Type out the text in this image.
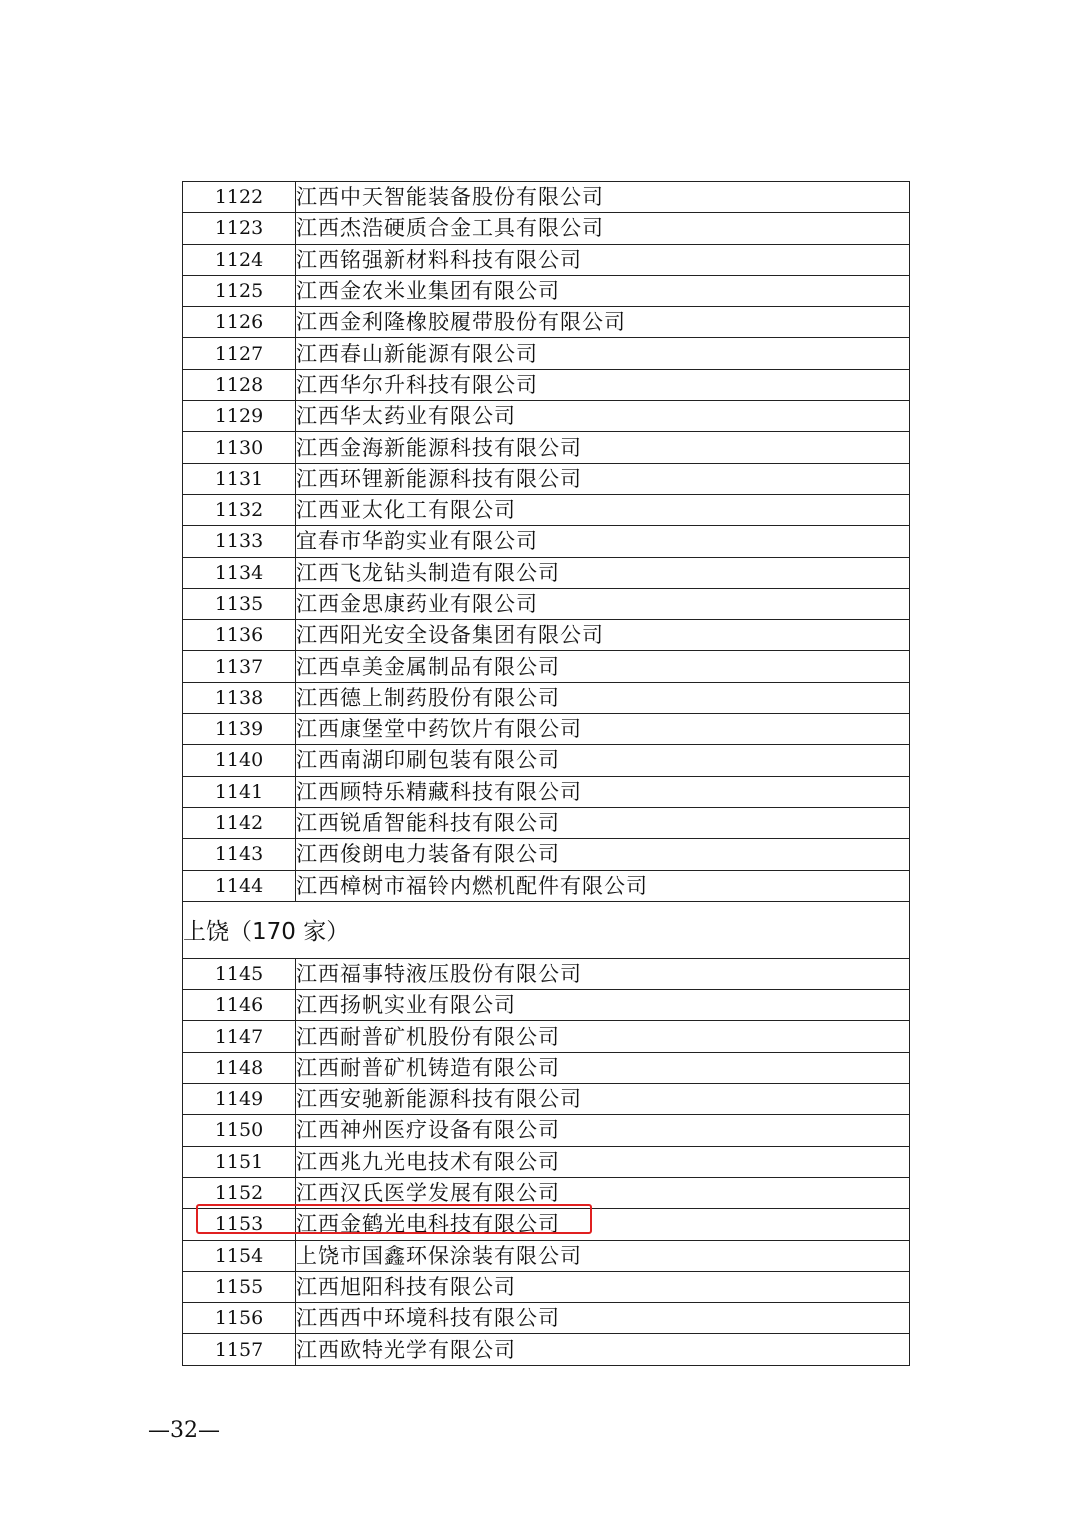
1122	江西中天智能装备股份有限公司
1123	江西杰浩硬质合金工具有限公司
1124	江西铭强新材料科技有限公司
1125	江西金农米业集团有限公司
1126	江西金利隆橡胶履带股份有限公司
1127	江西春山新能源有限公司
1128	江西华尔升科技有限公司
1129	江西华太药业有限公司
1130	江西金海新能源科技有限公司
1131	江西环锂新能源科技有限公司
1132	江西亚太化工有限公司
1133	宜春市华韵实业有限公司
1134	江西飞龙钻头制造有限公司
1135	江西金思康药业有限公司
1136	江西阳光安全设备集团有限公司
1137	江西卓美金属制品有限公司
1138	江西德上制药股份有限公司
1139	江西康堡堂中药饮片有限公司
1140	江西南湖印刷包装有限公司
1141	江西顾特乐精藏科技有限公司
1142	江西锐盾智能科技有限公司
1143	江西俊朗电力装备有限公司
1144	江西樟树市福铃内燃机配件有限公司
上饶（170 家）	
1145	江西福事特液压股份有限公司
1146	江西扬帆实业有限公司
1147	江西耐普矿机股份有限公司
1148	江西耐普矿机铸造有限公司
1149	江西安驰新能源科技有限公司
1150	江西神州医疗设备有限公司
1151	江西兆九光电技术有限公司
1152	江西汉氏医学发展有限公司
1153	江西金鹤光电科技有限公司
1154	上饶市国鑫环保涂装有限公司
1155	江西旭阳科技有限公司
1156	江西西中环境科技有限公司
1157	江西欧特光学有限公司
—32—
